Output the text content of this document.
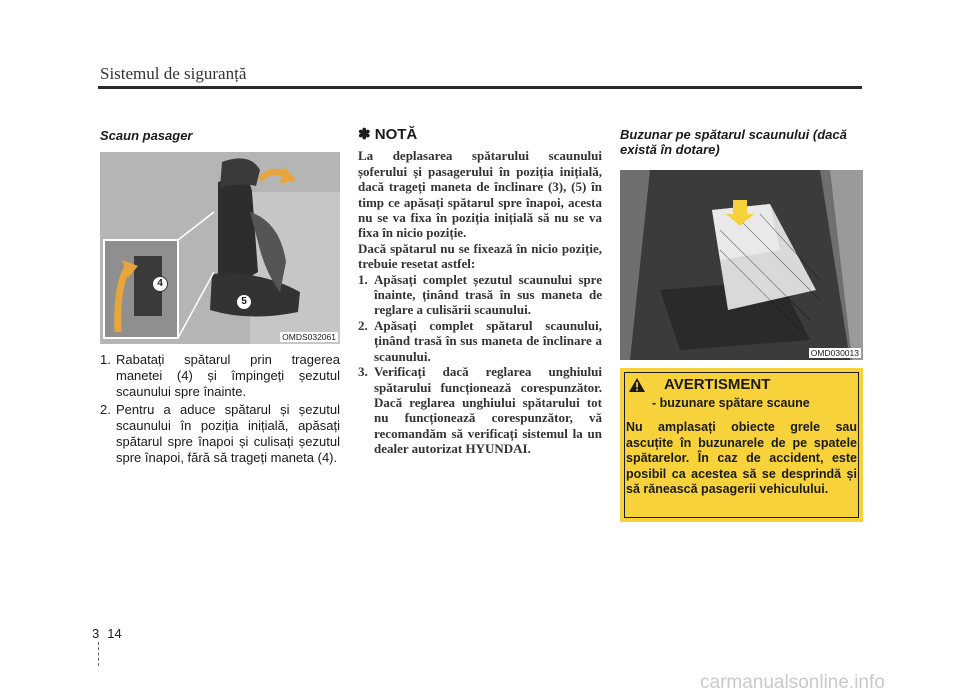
Sistemul de siguranță
Scaun pasager
4
5
OMDS032061
1. Rabatați spătarul prin tragerea manetei (4) și împingeți șezutul scaunului spre înainte.
2. Pentru a aduce spătarul și șezutul scaunului în poziția inițială, apăsați spătarul spre înapoi și culisați șezutul spre înapoi, fără să trageți maneta (4).
✽ NOTĂ

La deplasarea spătarului scaunului șoferului și pasagerului în poziția inițială, dacă trageți maneta de înclinare (3), (5) în timp ce apăsați spătarul spre înapoi, acesta nu se va fixa în poziția inițială să nu se va fixa în nicio poziție.

Dacă spătarul nu se fixează în nicio poziție, trebuie resetat astfel:

1. Apăsați complet șezutul scaunului spre înainte, ținând trasă în sus maneta de reglare a culisării scaunului.
2. Apăsați complet spătarul scaunului, ținând trasă în sus maneta de înclinare a scaunului.
3. Verificați dacă reglarea unghiului spătarului funcționează corespunzător. Dacă reglarea unghiului spătarului tot nu funcționează corespunzător, vă recomandăm să verificați sistemul la un dealer autorizat HYUNDAI.
Buzunar pe spătarul scaunului (dacă există în dotare)
OMD030013
AVERTISMENT
- buzunare spătare scaune
Nu amplasați obiecte grele sau ascuțite în buzunarele de pe spatele spătarelor. În caz de accident, este posibil ca acestea să se desprindă și să rănească pasagerii vehiculului.
3 14
carmanualsonline.info
